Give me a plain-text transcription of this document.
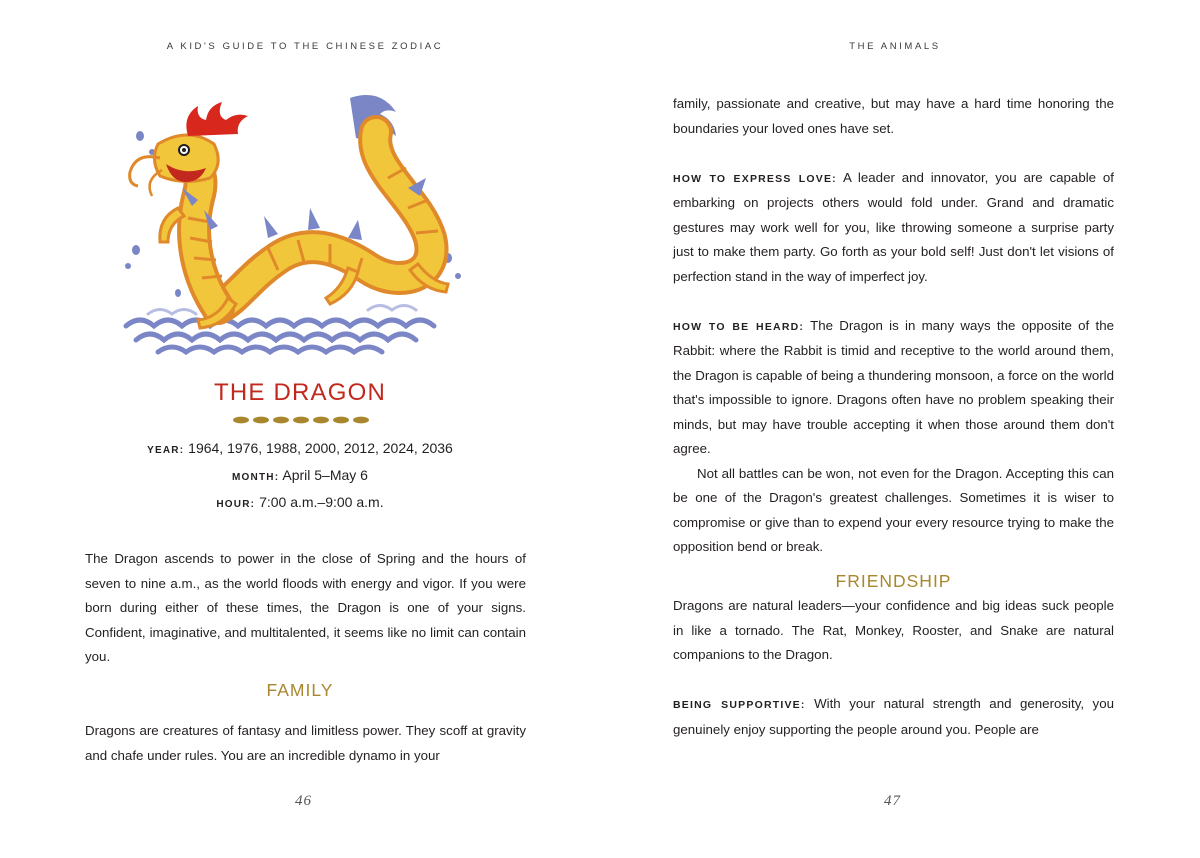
A KID'S GUIDE TO THE CHINESE ZODIAC
THE DRAGON
YEAR: 1964, 1976, 1988, 2000, 2012, 2024, 2036
MONTH: April 5–May 6
HOUR: 7:00 a.m.–9:00 a.m.

The Dragon ascends to power in the close of Spring and the hours of seven to nine a.m., as the world floods with energy and vigor. If you were born during either of these times, the Dragon is one of your signs. Confident, imaginative, and multitalented, it seems like no limit can contain you.

FAMILY

Dragons are creatures of fantasy and limitless power. They scoff at gravity and chafe under rules. You are an incredible dynamo in your

46
THE ANIMALS

family, passionate and creative, but may have a hard time honoring the boundaries your loved ones have set.

HOW TO EXPRESS LOVE: A leader and innovator, you are capable of embarking on projects others would fold under. Grand and dramatic gestures may work well for you, like throwing someone a surprise party just to make them party. Go forth as your bold self! Just don't let visions of perfection stand in the way of imperfect joy.

HOW TO BE HEARD: The Dragon is in many ways the opposite of the Rabbit: where the Rabbit is timid and receptive to the world around them, the Dragon is capable of being a thundering monsoon, a force on the world that's impossible to ignore. Dragons often have no problem speaking their minds, but may have trouble accepting it when those around them don't agree.

Not all battles can be won, not even for the Dragon. Accepting this can be one of the Dragon's greatest challenges. Sometimes it is wiser to compromise or give than to expend your every resource trying to make the opposition bend or break.

FRIENDSHIP

Dragons are natural leaders—your confidence and big ideas suck people in like a tornado. The Rat, Monkey, Rooster, and Snake are natural companions to the Dragon.

BEING SUPPORTIVE: With your natural strength and generosity, you genuinely enjoy supporting the people around you. People are

47
